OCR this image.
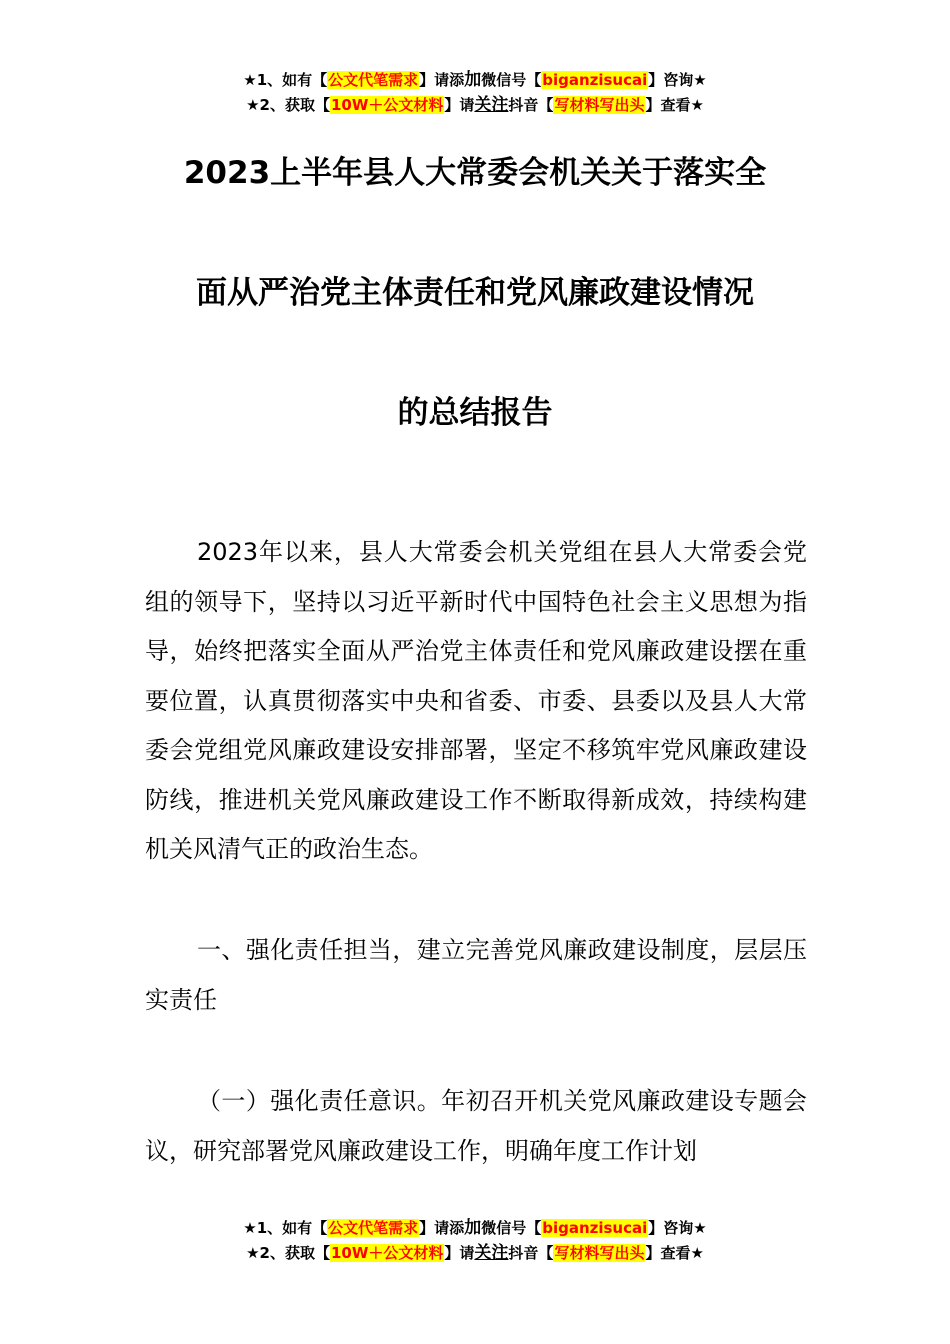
★1、如有【公文代笔需求】请添加微信号【biganzisucai】咨询★
★2、获取【10W＋公文材料】请关注抖音【写材料写出头】查看★
2023上半年县人大常委会机关关于落实全
面从严治党主体责任和党风廉政建设情况
的总结报告

2023年以来，县人大常委会机关党组在县人大常委会党组的领导下，坚持以习近平新时代中国特色社会主义思想为指导，始终把落实全面从严治党主体责任和党风廉政建设摆在重要位置，认真贯彻落实中央和省委、市委、县委以及县人大常委会党组党风廉政建设安排部署，坚定不移筑牢党风廉政建设防线，推进机关党风廉政建设工作不断取得新成效，持续构建机关风清气正的政治生态。

一、强化责任担当，建立完善党风廉政建设制度，层层压实责任

（一）强化责任意识。年初召开机关党风廉政建设专题会议，研究部署党风廉政建设工作，明确年度工作计划

★1、如有【公文代笔需求】请添加微信号【biganzisucai】咨询★
★2、获取【10W＋公文材料】请关注抖音【写材料写出头】查看★
